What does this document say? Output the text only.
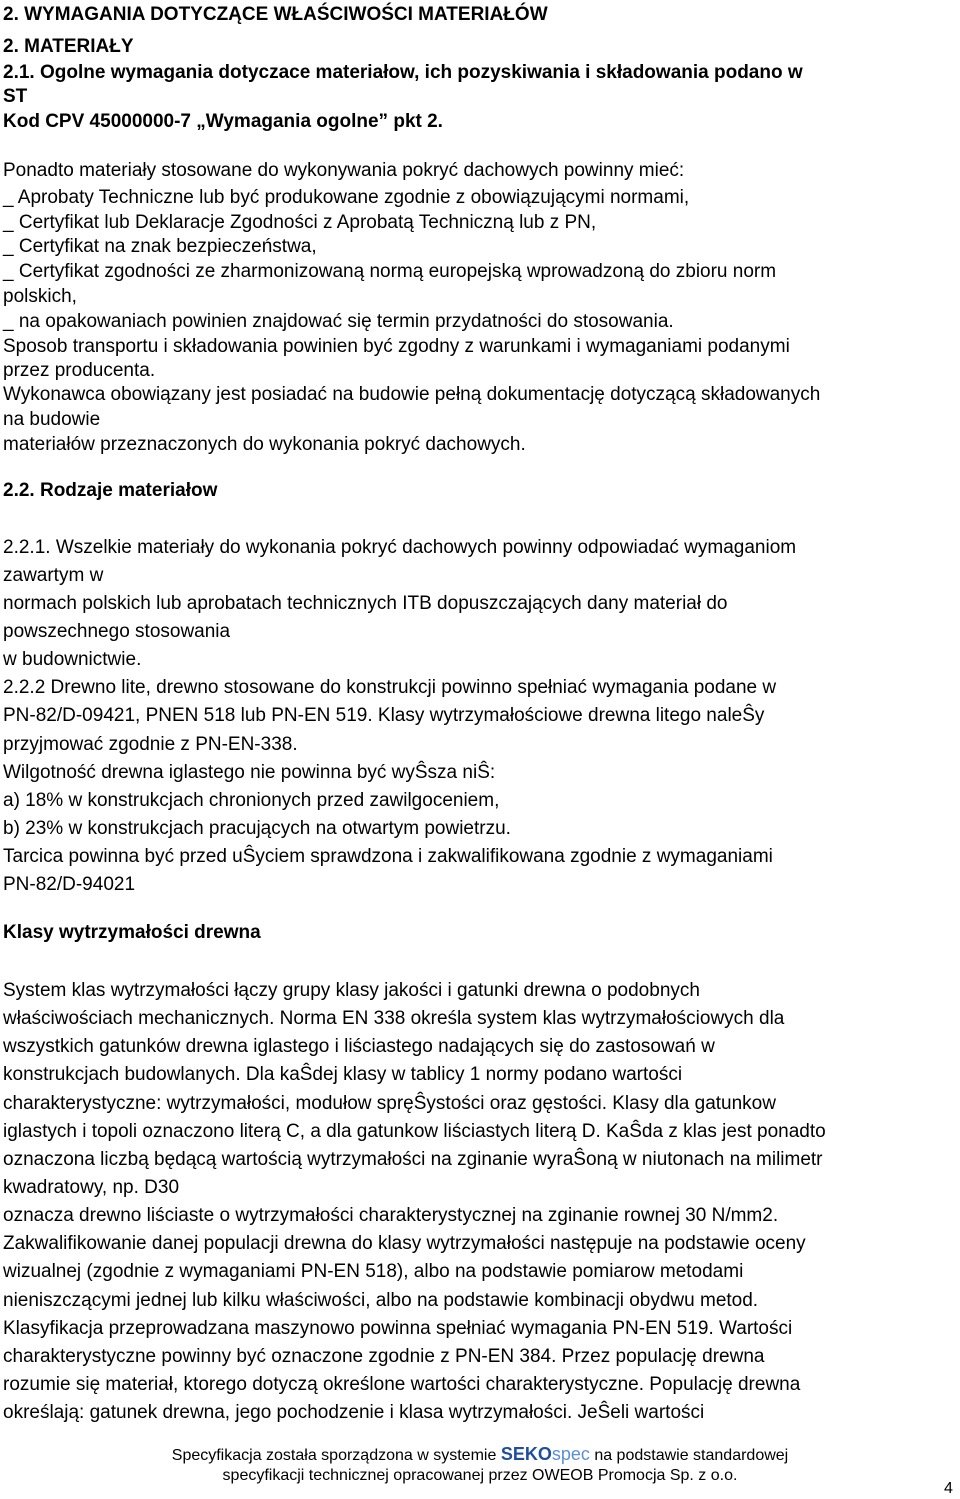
2. WYMAGANIA DOTYCZĄCE WŁAŚCIWOŚCI MATERIAŁÓW
2. MATERIAŁY
2.1. Ogolne wymagania dotyczace materiałow, ich pozyskiwania i składowania podano w
ST
Kod CPV 45000000-7 „Wymagania ogolne” pkt 2.
Ponadto materiały stosowane do wykonywania pokryć dachowych powinny mieć:
_ Aprobaty Techniczne lub być produkowane zgodnie z obowiązującymi normami,
_ Certyfikat lub Deklaracje Zgodności z Aprobatą Techniczną lub z PN,
_ Certyfikat na znak bezpieczeństwa,
_ Certyfikat zgodności ze zharmonizowaną normą europejską wprowadzoną do zbioru norm
polskich,
_ na opakowaniach powinien znajdować się termin przydatności do stosowania.
Sposob transportu i składowania powinien być zgodny z warunkami i wymaganiami podanymi
przez producenta.
Wykonawca obowiązany jest posiadać na budowie pełną dokumentację dotyczącą składowanych
na budowie
materiałów przeznaczonych do wykonania pokryć dachowych.
2.2. Rodzaje materiałow
2.2.1. Wszelkie materiały do wykonania pokryć dachowych powinny odpowiadać wymaganiom
zawartym w
normach polskich lub aprobatach technicznych ITB dopuszczających dany materiał do
powszechnego stosowania
w budownictwie.
2.2.2 Drewno lite, drewno stosowane do konstrukcji powinno spełniać wymagania podane w
PN-82/D-09421, PNEN 518 lub PN-EN 519. Klasy wytrzymałościowe drewna litego naleŜy
przyjmować zgodnie z PN-EN-338.
Wilgotność drewna iglastego nie powinna być wyŜsza niŜ:
a) 18% w konstrukcjach chronionych przed zawilgoceniem,
b) 23% w konstrukcjach pracujących na otwartym powietrzu.
Tarcica powinna być przed uŜyciem sprawdzona i zakwalifikowana zgodnie z wymaganiami
PN-82/D-94021
Klasy wytrzymałości drewna
System klas wytrzymałości łączy grupy klasy jakości i gatunki drewna o podobnych
właściwościach mechanicznych. Norma EN 338 określa system klas wytrzymałościowych dla
wszystkich gatunków drewna iglastego i liściastego nadających się do zastosowań w
konstrukcjach budowlanych. Dla kaŜdej klasy w tablicy 1 normy podano wartości
charakterystyczne: wytrzymałości, modułow spręŜystości oraz gęstości. Klasy dla gatunkow
iglastych i topoli oznaczono literą C, a dla gatunkow liściastych literą D. KaŜda z klas jest ponadto
oznaczona liczbą będącą wartością wytrzymałości na zginanie wyraŜoną w niutonach na milimetr
kwadratowy, np. D30
oznacza drewno liściaste o wytrzymałości charakterystycznej na zginanie rownej 30 N/mm2.
Zakwalifikowanie danej populacji drewna do klasy wytrzymałości następuje na podstawie oceny
wizualnej (zgodnie z wymaganiami PN-EN 518), albo na podstawie pomiarow metodami
nieniszczącymi jednej lub kilku właściwości, albo na podstawie kombinacji obydwu metod.
Klasyfikacja przeprowadzana maszynowo powinna spełniać wymagania PN-EN 519. Wartości
charakterystyczne powinny być oznaczone zgodnie z PN-EN 384. Przez populację drewna
rozumie się materiał, ktorego dotyczą określone wartości charakterystyczne. Populację drewna
określają: gatunek drewna, jego pochodzenie i klasa wytrzymałości. JeŜeli wartości
Specyfikacja została sporządzona w systemie SEKOspec na podstawie standardowej
specyfikacji technicznej opracowanej przez OWEOB Promocja Sp. z o.o.
4
